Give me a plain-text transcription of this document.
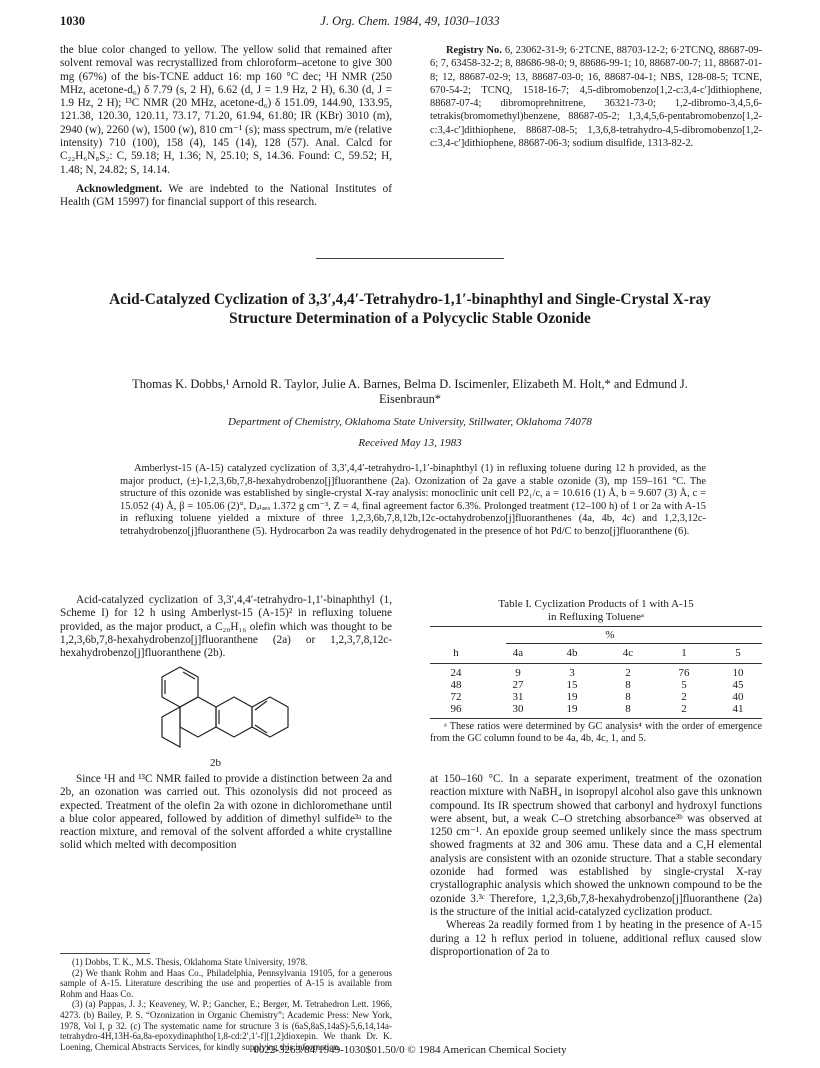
1030	J. Org. Chem. 1984, 49, 1030–1033

the blue color changed to yellow. The yellow solid that remained after solvent removal was recrystallized from chloroform–acetone to give 300 mg (67%) of the bis-TCNE adduct 16: mp 160 °C dec; ¹H NMR (250 MHz, acetone-d₆) δ 7.79 (s, 2 H), 6.62 (d, J = 1.9 Hz, 2 H), 6.30 (d, J = 1.9 Hz, 2 H); ¹³C NMR (20 MHz, acetone-d₆) δ 151.09, 144.90, 133.95, 121.38, 120.30, 120.11, 73.17, 71.20, 61.94, 61.80; IR (KBr) 3010 (m), 2940 (w), 2260 (w), 1500 (w), 810 cm⁻¹ (s); mass spectrum, m/e (relative intensity) 710 (100), 158 (4), 145 (14), 128 (57). Anal. Calcd for C₂₂H₆N₈S₂: C, 59.18; H, 1.36; N, 25.10; S, 14.36. Found: C, 59.52; H, 1.48; N, 24.82; S, 14.14.

Acknowledgment. We are indebted to the National Institutes of Health (GM 15997) for financial support of this research.

Registry No. 6, 23062-31-9; 6·2TCNE, 88703-12-2; 6·2TCNQ, 88687-09-6; 7, 63458-32-2; 8, 88686-98-0; 9, 88686-99-1; 10, 88687-00-7; 11, 88687-01-8; 12, 88687-02-9; 13, 88687-03-0; 16, 88687-04-1; NBS, 128-08-5; TCNE, 670-54-2; TCNQ, 1518-16-7; 4,5-dibromobenzo[1,2-c:3,4-c′]dithiophene, 88687-07-4; dibromoprehnitrene, 36321-73-0; 1,2-dibromo-3,4,5,6-tetrakis(bromomethyl)benzene, 88687-05-2; 1,3,4,5,6-pentabromobenzo[1,2-c:3,4-c′]dithiophene, 88687-08-5; 1,3,6,8-tetrahydro-4,5-dibromobenzo[1,2-c:3,4-c′]dithiophene, 88687-06-3; sodium disulfide, 1313-82-2.

Acid-Catalyzed Cyclization of 3,3′,4,4′-Tetrahydro-1,1′-binaphthyl and Single-Crystal X-ray Structure Determination of a Polycyclic Stable Ozonide
Thomas K. Dobbs,¹ Arnold R. Taylor, Julie A. Barnes, Belma D. Iscimenler, Elizabeth M. Holt,* and Edmund J. Eisenbraun*
Department of Chemistry, Oklahoma State University, Stillwater, Oklahoma 74078
Received May 13, 1983
Amberlyst-15 (A-15) catalyzed cyclization of 3,3′,4,4′-tetrahydro-1,1′-binaphthyl (1) in refluxing toluene during 12 h provided, as the major product, (±)-1,2,3,6b,7,8-hexahydrobenzo[j]fluoranthene (2a). Ozonization of 2a gave a stable ozonide (3), mp 159–161 °C. The structure of this ozonide was established by single-crystal X-ray analysis: monoclinic unit cell P2₁/c, a = 10.616 (1) Å, b = 9.607 (3) Å, c = 15.052 (4) Å, β = 105.06 (2)°, Dₐₗₔₑₔ 1.372 g cm⁻³, Z = 4, final agreement factor 6.3%. Prolonged treatment (12–100 h) of 1 or 2a with A-15 in refluxing toluene yielded a mixture of three 1,2,3,6b,7,8,12b,12c-octahydrobenzo[j]fluoranthenes (4a, 4b, 4c) and 1,2,3,12c-tetrahydrobenzo[j]fluoranthene (5). Hydrocarbon 2a was readily dehydrogenated in the presence of hot Pd/C to benzo[j]fluoranthene (6).

Acid-catalyzed cyclization of 3,3′,4,4′-tetrahydro-1,1′-binaphthyl (1, Scheme I) for 12 h using Amberlyst-15 (A-15)² in refluxing toluene provided, as the major product, a C₂₀H₁₆ olefin which was thought to be 1,2,3,6b,7,8-hexahydrobenzo[j]fluoranthene (2a) or 1,2,3,7,8,12c-hexahydrobenzo[j]fluoranthene (2b).

2b
Table I. Cyclization Products of 1 with A-15
in Refluxing Tolueneᵃ
%
h	4a	4b	4c	1	5
24	9	3	2	76	10
48	27	15	8	5	45
72	31	19	8	2	40
96	30	19	8	2	41
ᵃ These ratios were determined by GC analysis⁴ with the order of emergence from the GC column found to be 4a, 4b, 4c, 1, and 5.

Since ¹H and ¹³C NMR failed to provide a distinction between 2a and 2b, an ozonation was carried out. This ozonolysis did not proceed as expected. Treatment of the olefin 2a with ozone in dichloromethane until a blue color appeared, followed by addition of dimethyl sulfide³ᵃ to the reaction mixture, and removal of the solvent afforded a white crystalline solid which melted with decomposition

at 150–160 °C. In a separate experiment, treatment of the ozonation reaction mixture with NaBH₄ in isopropyl alcohol also gave this unknown compound. Its IR spectrum showed that carbonyl and hydroxyl functions were absent, but, a weak C–O stretching absorbance³ᵇ was observed at 1250 cm⁻¹. An epoxide group seemed unlikely since the mass spectrum showed fragments at 32 and 306 amu. These data and a C,H elemental analysis are consistent with an ozonide structure. That a stable secondary ozonide had formed was established by single-crystal X-ray crystallographic analysis which showed the unknown compound to be the ozonide 3.³ᶜ Therefore, 1,2,3,6b,7,8-hexahydrobenzo[j]fluoranthene (2a) is the structure of the initial acid-catalyzed cyclization product.

Whereas 2a readily formed from 1 by heating in the presence of A-15 during a 12 h reflux period in toluene, additional reflux caused slow disproportionation of 2a to

(1) Dobbs, T. K., M.S. Thesis, Oklahoma State University, 1978.
(2) We thank Rohm and Haas Co., Philadelphia, Pennsylvania 19105, for a generous sample of A-15. Literature describing the use and properties of A-15 is available from Rohm and Haas Co.
(3) (a) Pappas, J. J.; Keaveney, W. P.; Gancher, E.; Berger, M. Tetrahedron Lett. 1966, 4273. (b) Bailey, P. S. “Ozonization in Organic Chemistry”; Academic Press: New York, 1978, Vol I, p 32. (c) The systematic name for structure 3 is (6aS,8aS,14aS)-5,6,14,14a-tetrahydro-4H,13H-6a,8a-epoxydinaphtho[1,8-cd:2′,1′-f][1,2]dioxepin. We thank Dr. K. Loening, Chemical Abstracts Services, for kindly supplying this information.
0022-3263/84/1949-1030$01.50/0 © 1984 American Chemical Society
